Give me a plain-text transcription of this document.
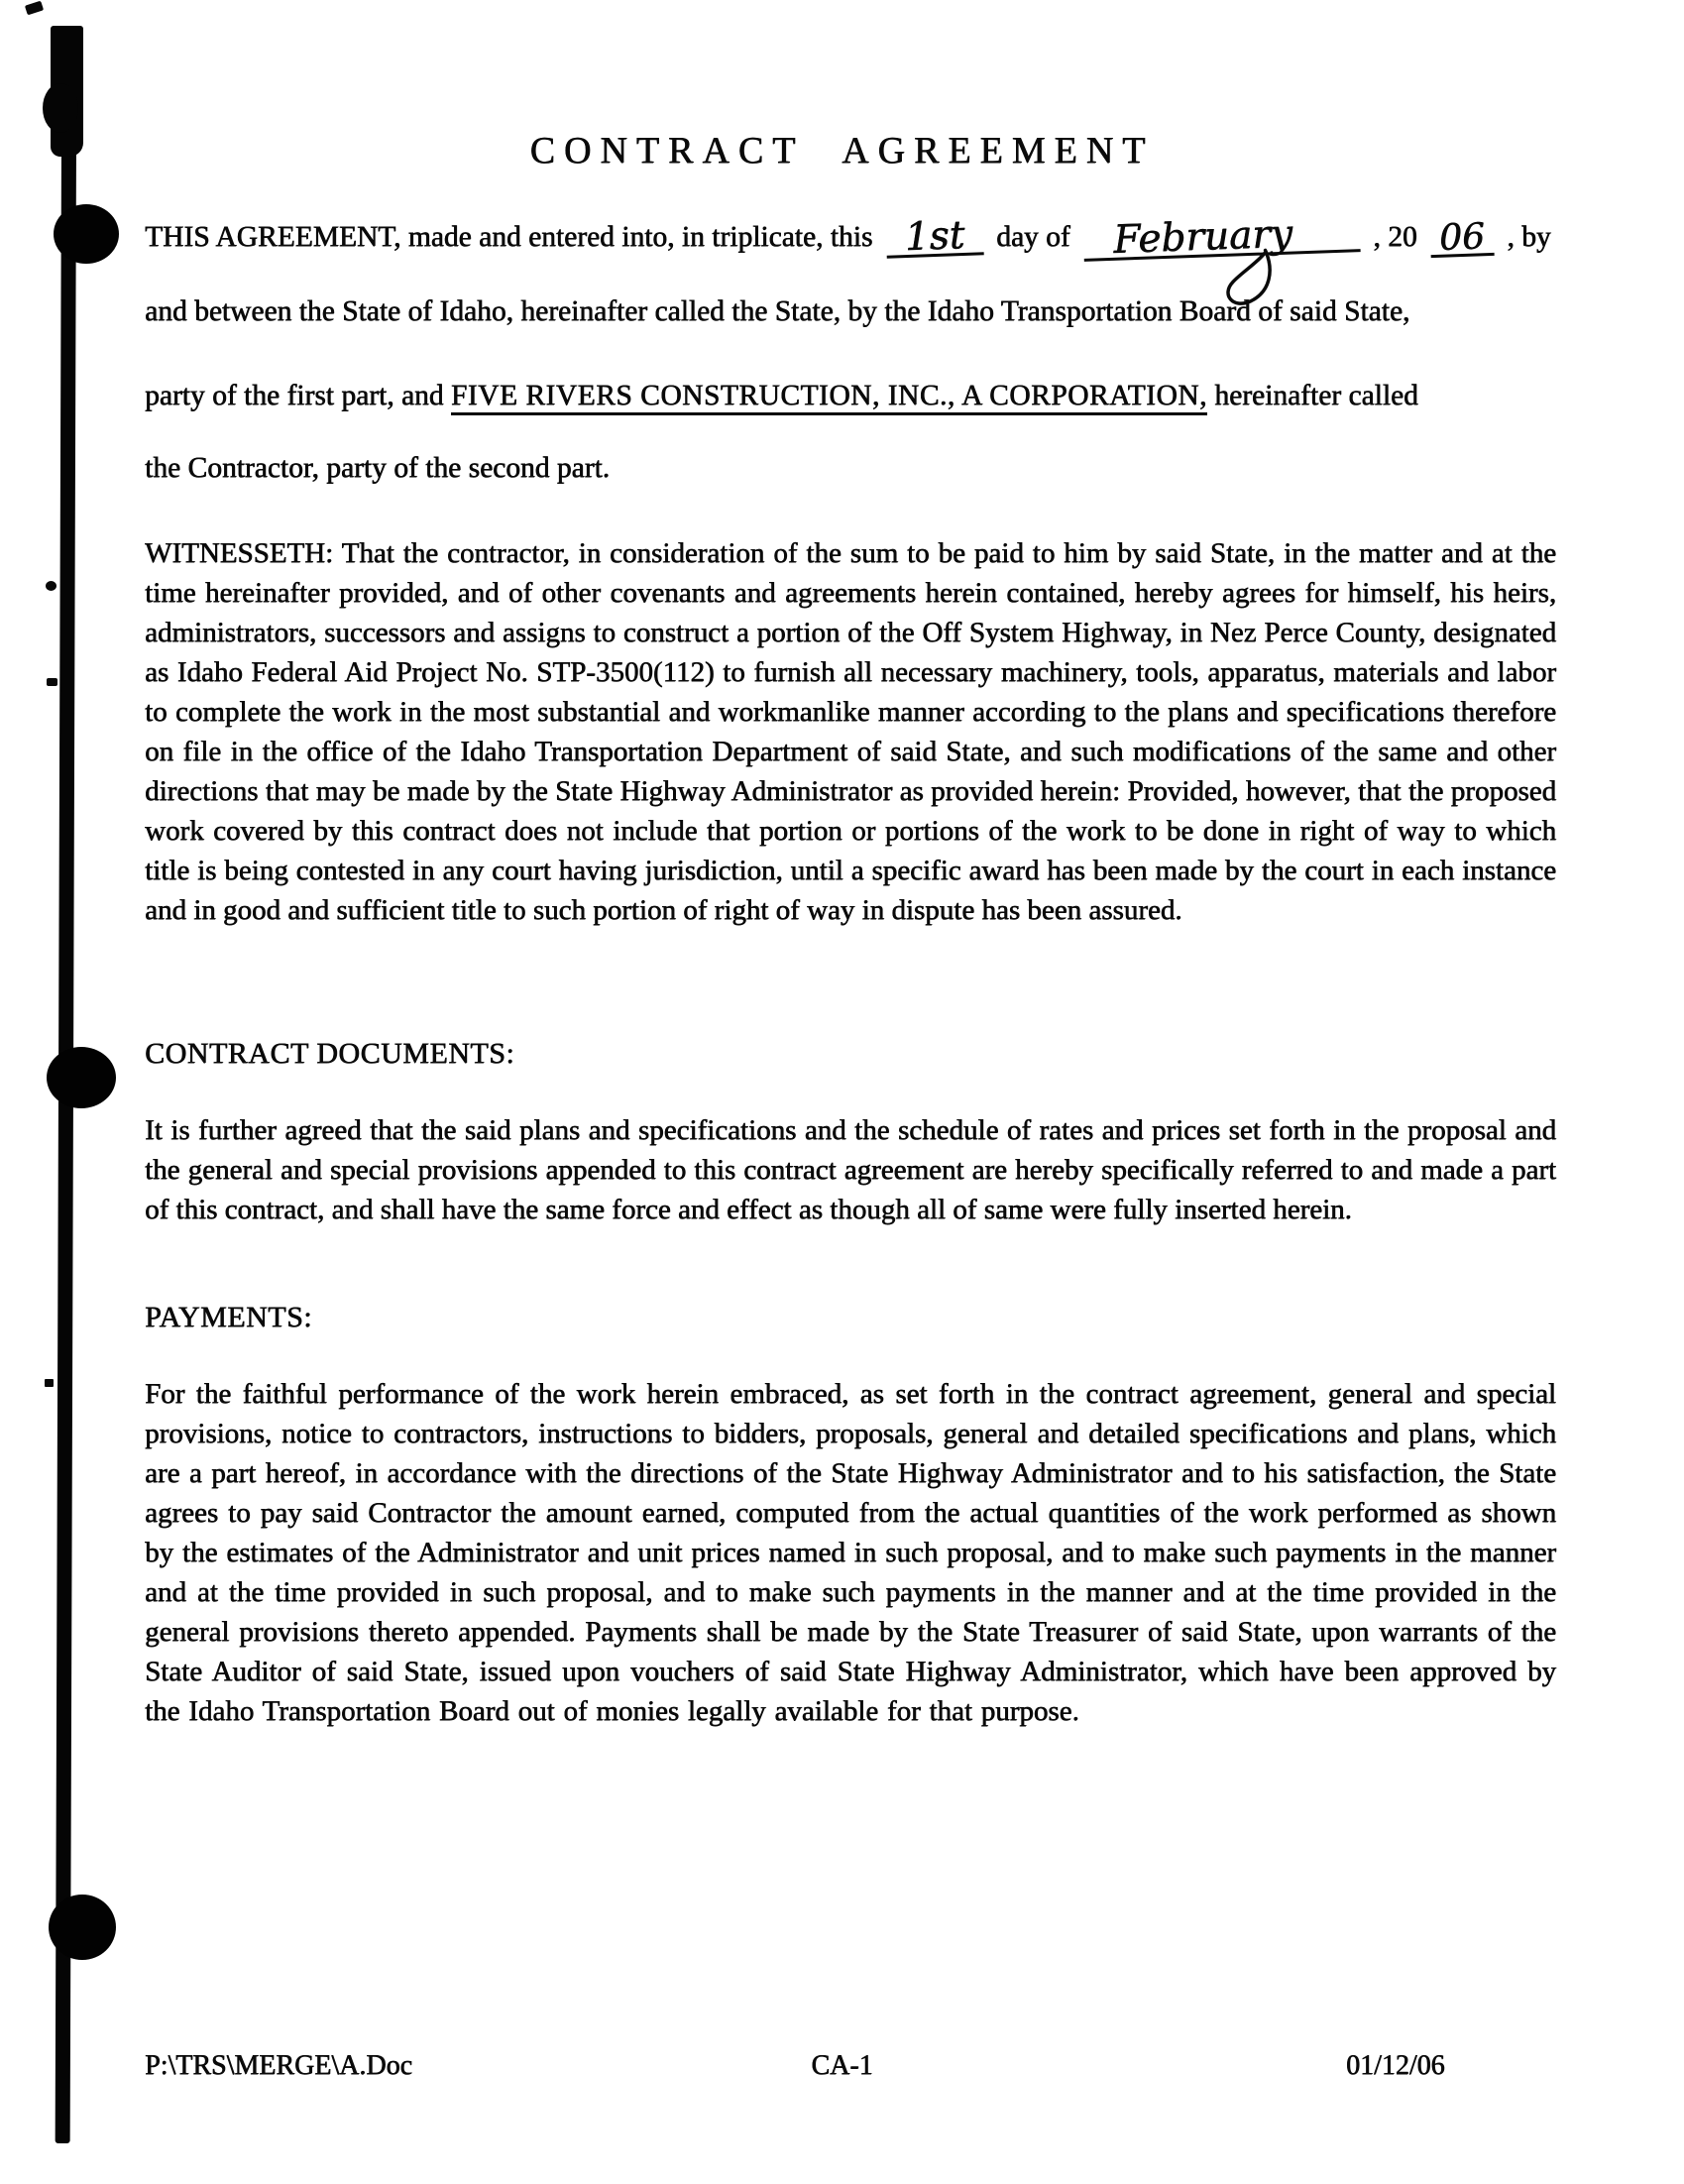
CONTRACT AGREEMENT
THIS AGREEMENT, made and entered into, in triplicate, this 1st day of February	, 20 06 , by
and between the State of Idaho, hereinafter called the State, by the Idaho Transportation Board of said State,
party of the first part, and FIVE RIVERS CONSTRUCTION, INC., A CORPORATION, hereinafter called
the Contractor, party of the second part.
WITNESSETH: That the contractor, in consideration of the sum to be paid to him by said State, in the matter and at the time hereinafter provided, and of other covenants and agreements herein contained, hereby agrees for himself, his heirs, administrators, successors and assigns to construct a portion of the Off System Highway, in Nez Perce County, designated as Idaho Federal Aid Project No. STP-3500(112) to furnish all necessary machinery, tools, apparatus, materials and labor to complete the work in the most substantial and workmanlike manner according to the plans and specifications therefore on file in the office of the Idaho Transportation Department of said State, and such modifications of the same and other directions that may be made by the State Highway Administrator as provided herein: Provided, however, that the proposed work covered by this contract does not include that portion or portions of the work to be done in right of way to which title is being contested in any court having jurisdiction, until a specific award has been made by the court in each instance and in good and sufficient title to such portion of right of way in dispute has been assured.
CONTRACT DOCUMENTS:
It is further agreed that the said plans and specifications and the schedule of rates and prices set forth in the proposal and the general and special provisions appended to this contract agreement are hereby specifically referred to and made a part of this contract, and shall have the same force and effect as though all of same were fully inserted herein.
PAYMENTS:
For the faithful performance of the work herein embraced, as set forth in the contract agreement, general and special provisions, notice to contractors, instructions to bidders, proposals, general and detailed specifications and plans, which are a part hereof, in accordance with the directions of the State Highway Administrator and to his satisfaction, the State agrees to pay said Contractor the amount earned, computed from the actual quantities of the work performed as shown by the estimates of the Administrator and unit prices named in such proposal, and to make such payments in the manner and at the time provided in such proposal, and to make such payments in the manner and at the time provided in the general provisions thereto appended. Payments shall be made by the State Treasurer of said State, upon warrants of the State Auditor of said State, issued upon vouchers of said State Highway Administrator, which have been approved by the Idaho Transportation Board out of monies legally available for that purpose.
CA-1
P:\TRS\MERGE\A.Doc	01/12/06
